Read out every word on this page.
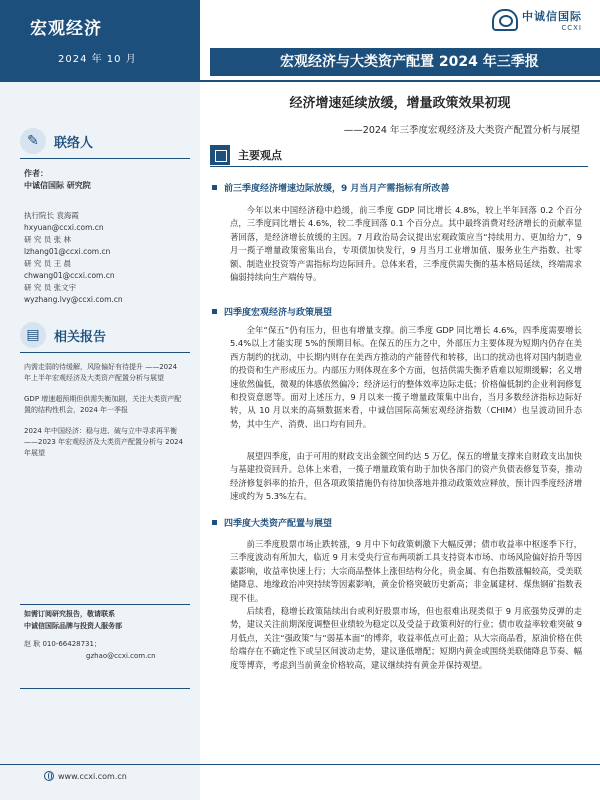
宏观经济
2024 年 10 月
中诚信国际
CCXI
宏观经济与大类资产配置 2024 年三季报
✎	联络人
作者：
中诚信国际 研究院
执行院长 袁海霞
hxyuan@ccxi.com.cn
研 究 员 张 林
lzhang01@ccxi.com.cn
研 究 员 王 晨
chwang01@ccxi.com.cn
研 究 员 张文宇
wyzhang.lvy@ccxi.com.cn
▤	相关报告
内需走弱的待缓解，风险偏好有待提升 ——2024 年上半年宏观经济及大类资产配置分析与展望
GDP 增速超预期但供需失衡加剧，关注大类资产配置的结构性机会，2024 年一季报
2024 年中国经济：稳与进、破与立中寻求再平衡——2023 年宏观经济及大类资产配置分析与 2024 年展望
如需订阅研究报告，敬请联系
中诚信国际品牌与投资人服务部
赵 耿 010-66428731；
gzhao@ccxi.com.cn
www.ccxi.com.cn
经济增速延续放缓，增量政策效果初现
——2024 年三季度宏观经济及大类资产配置分析与展望
主要观点
前三季度经济增速边际放缓，9 月当月产需指标有所改善
今年以来中国经济稳中趋缓，前三季度 GDP 同比增长 4.8%，较上半年回落 0.2 个百分点，三季度同比增长 4.6%，较二季度回落 0.1 个百分点。其中最终消费对经济增长的贡献率显著回落，是经济增长放缓的主因。7 月政治局会议提出宏观政策应当“持续用力、更加给力”，9 月一揽子增量政策密集出台，专项债加快发行，9 月当月工业增加值、服务业生产指数、社零额、制造业投资等产需指标均边际回升。总体来看，三季度供需失衡的基本格局延续，终端需求偏弱持续向生产端传导。
四季度宏观经济与政策展望
全年“保五”仍有压力，但也有增量支撑。前三季度 GDP 同比增长 4.6%，四季度需要增长 5.4%以上才能实现 5%的预期目标。在保五的压力之中，外部压力主要体现为短期内仍存在美西方制约的扰动，中长期内则存在美西方推动的产能替代和转移，出口的扰动也将对国内制造业的投资和生产形成压力。内部压力则体现在多个方面，包括供需失衡矛盾难以短期缓解；名义增速依然偏低，微观的体感依然偏冷；经济运行的整体效率边际走低；价格偏低制约企业利润修复和投资意愿等。面对上述压力，9 月以来一揽子增量政策集中出台，当月多数经济指标边际好转，从 10 月以来的高频数据来看，中诚信国际高频宏观经济指数（CHIM）也呈波动回升态势，其中生产、消费、出口均有回升。
展望四季度，由于可用的财政支出金额空间约达 5 万亿，保五的增量支撑来自财政支出加快与基建投资回升。总体上来看，一揽子增量政策有助于加快各部门的资产负债表修复节奏，推动经济修复斜率的抬升，但各项政策措施仍有待加快落地并推动政策效应释放，预计四季度经济增速或约为 5.3%左右。
四季度大类资产配置与展望
前三季度股票市场止跌转涨，9 月中下旬政策刺激下大幅反弹；债市收益率中枢逐季下行，三季度波动有所加大，临近 9 月末受央行宣布两项新工具支持资本市场、市场风险偏好抬升等因素影响，收益率快速上行；大宗商品整体上涨但结构分化，贵金属、有色指数涨幅较高，受美联储降息、地缘政治冲突持续等因素影响，黄金价格突破历史新高；非金属建材、煤焦钢矿指数表现不佳。
后续看，稳增长政策陆续出台或利好股票市场，但也很难出现类似于 9 月底强势反弹的走势，建议关注前期深度调整但业绩较为稳定以及受益于政策利好的行业；债市收益率较难突破 9 月低点，关注“强政策”与“弱基本面”的博弈，收益率低点可止盈；从大宗商品看，原油价格在供给端存在不确定性下或呈区间波动走势，建议逢低增配；短期内黄金或围绕美联储降息节奏、幅度等博弈，考虑到当前黄金价格较高，建议继续持有黄金并保持观望。
